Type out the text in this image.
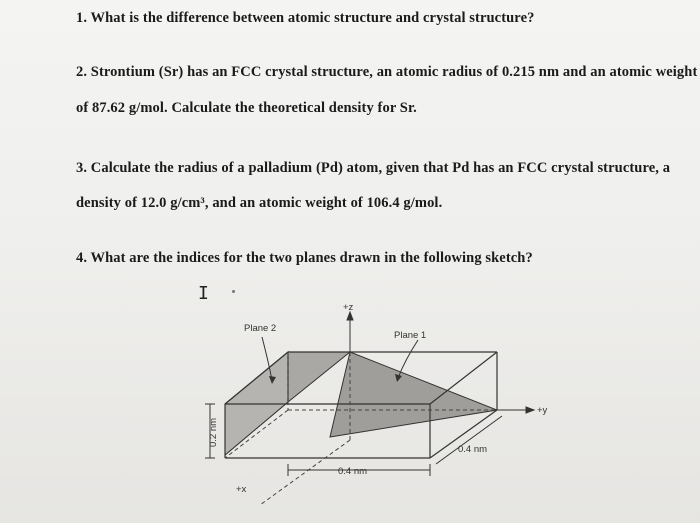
1. What is the difference between atomic structure and crystal structure?
2. Strontium (Sr) has an FCC crystal structure, an atomic radius of 0.215 nm and an atomic weight
of 87.62 g/mol. Calculate the theoretical density for Sr.
3. Calculate the radius of a palladium (Pd) atom, given that Pd has an FCC crystal structure, a
density of 12.0 g/cm³, and an atomic weight of 106.4 g/mol.
4. What are the indices for the two planes drawn in the following sketch?
I
Plane 2
Plane 1
+z
+y
+x
0.2 nm
0.4 nm
0.4 nm
